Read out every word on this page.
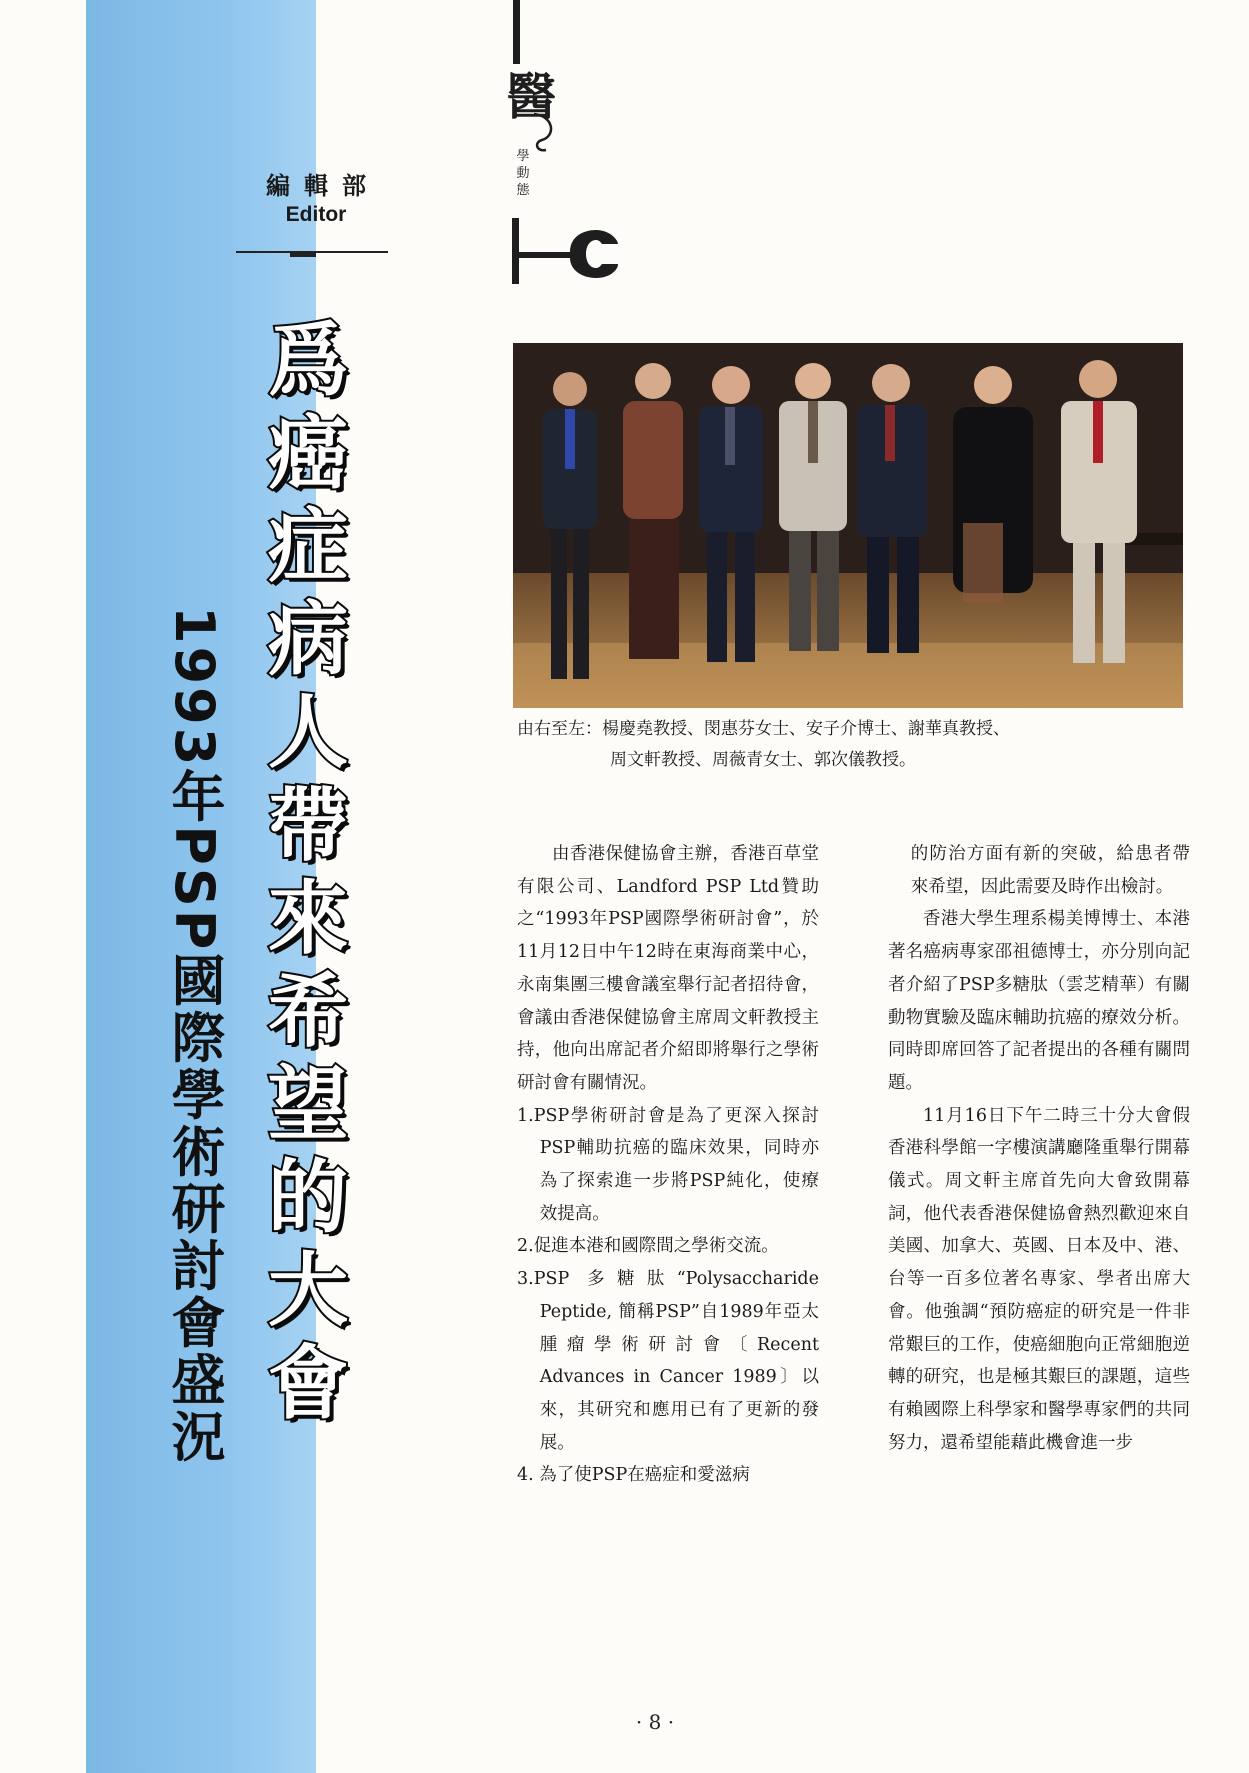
編輯部
Editor
爲
癌
症
病
人
帶
來
希
望
的
大
會
1993年PSP國際學術研討會盛況
醫
學
動
態
HC
由右至左：楊慶堯教授、閔惠芬女士、安子介博士、謝華真教授、
周文軒教授、周薇青女士、郭次儀教授。

由香港保健協會主辦，香港百草堂有限公司、Landford PSP Ltd贊助之“1993年PSP國際學術研討會”，於11月12日中午12時在東海商業中心，永南集團三樓會議室舉行記者招待會，會議由香港保健協會主席周文軒教授主持，他向出席記者介紹即將舉行之學術研討會有關情況。

1.PSP學術研討會是為了更深入探討PSP輔助抗癌的臨床效果，同時亦為了探索進一步將PSP純化，使療效提高。

2.促進本港和國際間之學術交流。

3.PSP 多糖肽“Polysaccharide Peptide, 簡稱PSP”自1989年亞太腫瘤學術研討會〔Recent Advances in Cancer 1989〕以來，其研究和應用已有了更新的發展。

4. 為了使PSP在癌症和愛滋病

的防治方面有新的突破，給患者帶來希望，因此需要及時作出檢討。

香港大學生理系楊美博博士、本港著名癌病專家邵祖德博士，亦分別向記者介紹了PSP多糖肽（雲芝精華）有關動物實驗及臨床輔助抗癌的療效分析。同時即席回答了記者提出的各種有關問題。

11月16日下午二時三十分大會假香港科學館一字樓演講廳隆重舉行開幕儀式。周文軒主席首先向大會致開幕詞，他代表香港保健協會熱烈歡迎來自美國、加拿大、英國、日本及中、港、台等一百多位著名專家、學者出席大會。他強調“預防癌症的研究是一件非常艱巨的工作，使癌細胞向正常細胞逆轉的研究，也是極其艱巨的課題，這些有賴國際上科學家和醫學專家們的共同努力，還希望能藉此機會進一步

· 8 ·
